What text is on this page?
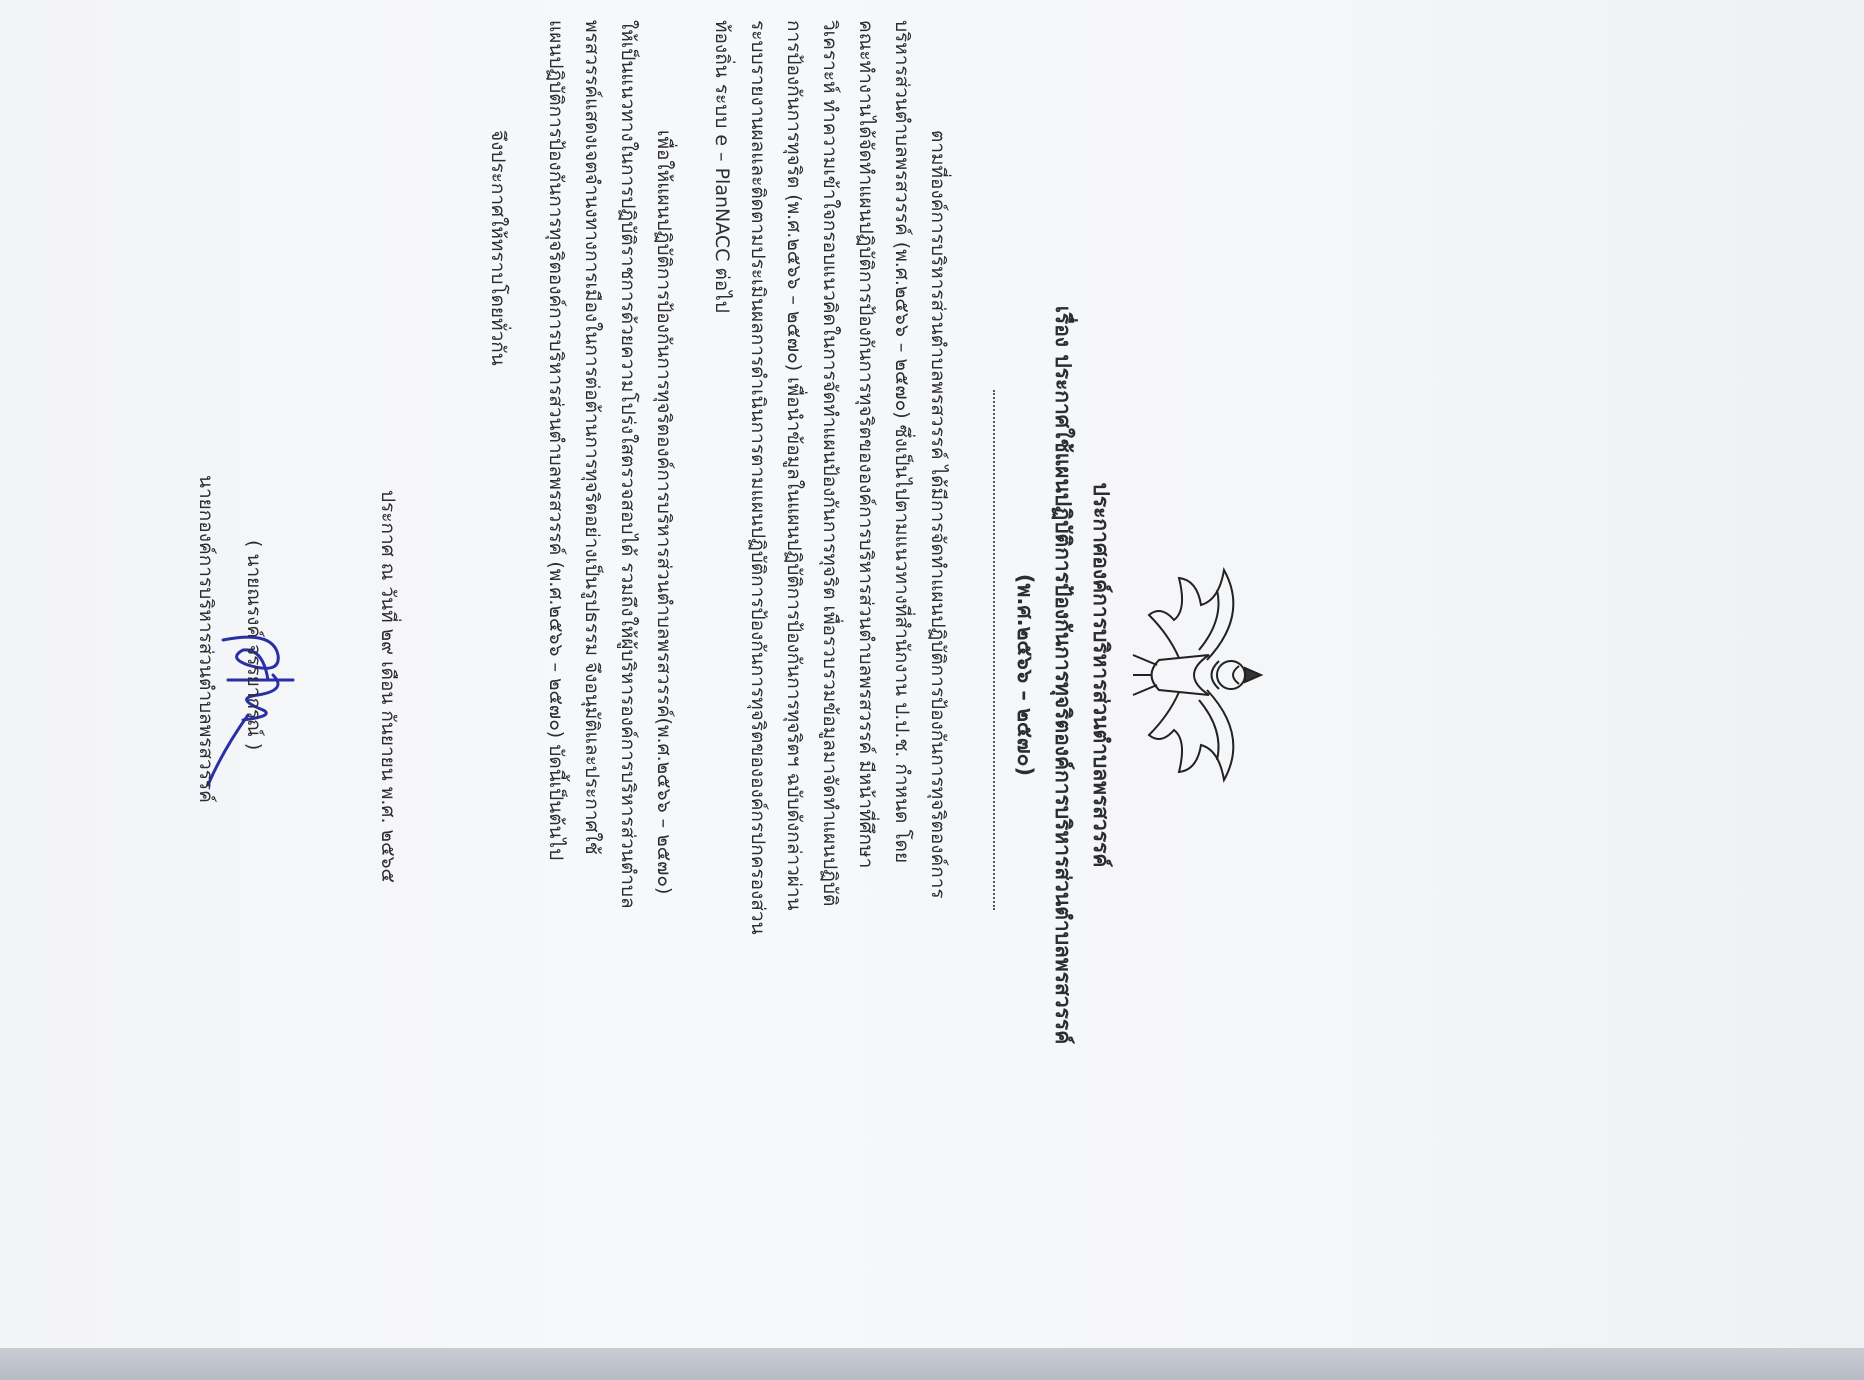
ประกาศองค์การบริหารส่วนตำบลพรสวรรค์
เรื่อง ประกาศใช้แผนปฏิบัติการป้องกันการทุจริตองค์การบริหารส่วนตำบลพรสวรรค์
(พ.ศ.๒๕๖๖ – ๒๕๗๐)
ตามที่องค์การบริหารส่วนตำบลพรสวรรค์ ได้มีการจัดทำแผนปฏิบัติการป้องกันการทุจริตองค์การ
บริหารส่วนตำบลพรสวรรค์ (พ.ศ.๒๕๖๖ – ๒๕๗๐) ซึ่งเป็นไปตามแนวทางที่สำนักงาน ป.ป.ช. กำหนด โดย
คณะทำงานได้จัดทำแผนปฏิบัติการป้องกันการทุจริตขององค์การบริหารส่วนตำบลพรสวรรค์ มีหน้าที่ศึกษา
วิเคราะห์ ทำความเข้าใจกรอบแนวคิดในการจัดทำแผนป้องกันการทุจริต เพื่อรวบรวมข้อมูลมาจัดทำแผนปฏิบัติ
การป้องกันการทุจริต (พ.ศ.๒๕๖๖ – ๒๕๗๐) เพื่อนำข้อมูลในแผนปฏิบัติการป้องกันการทุจริตฯ ฉบับดังกล่าวผ่าน
ระบบรายงานผลและติดตามประเมินผลการดำเนินการตามแผนปฏิบัติการป้องกันการทุจริตขององค์กรปกครองส่วน
ท้องถิ่น ระบบ e – PlanNACC ต่อไป
เพื่อให้แผนปฏิบัติการป้องกันการทุจริตองค์การบริหารส่วนตำบลพรสวรรค์(พ.ศ.๒๕๖๖ – ๒๕๗๐)
ให้เป็นแนวทางในการปฏิบัติราชการด้วยความโปร่งใสตรวจสอบได้ รวมถึงให้ผู้บริหารองค์การบริหารส่วนตำบล
พรสวรรค์แสดงเจตจำนงทางการเมืองในการต่อต้านการทุจริตอย่างเป็นรูปธรรม จึงอนุมัติและประกาศใช้
แผนปฏิบัติการป้องกันการทุจริตองค์การบริหารส่วนตำบลพรสวรรค์ (พ.ศ.๒๕๖๖ – ๒๕๗๐) บัดนี้เป็นต้นไป
จึงประกาศให้ทราบโดยทั่วกัน
ประกาศ ณ วันที่ ๒๙ เดือน กันยายน พ.ศ. ๒๕๖๕
( นายณรงค์ จรรยากรณ์ )
นายกองค์การบริหารส่วนตำบลพรสวรรค์
